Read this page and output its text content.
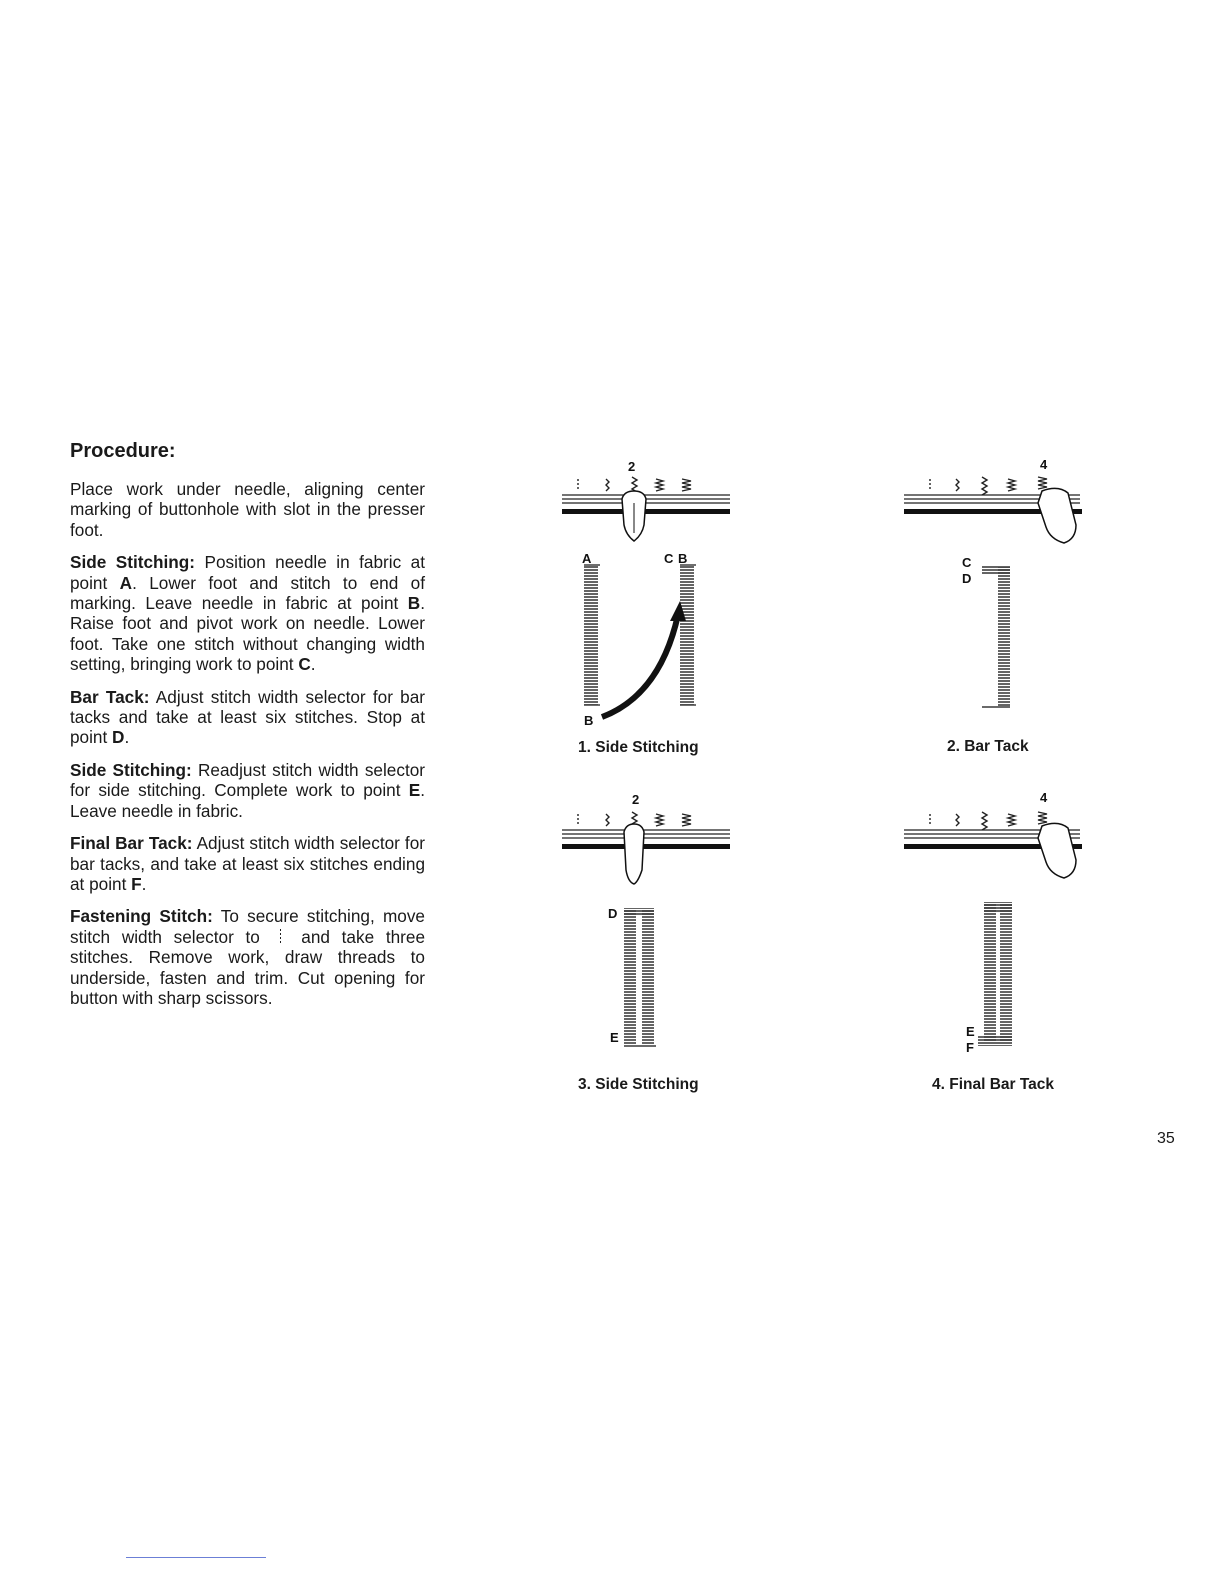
Procedure:

Place work under needle, aligning center marking of buttonhole with slot in the presser foot.

Side Stitching: Position needle in fabric at point A. Lower foot and stitch to end of marking. Leave needle in fabric at point B. Raise foot and pivot work on needle. Lower foot. Take one stitch without changing width setting, bringing work to point C.

Bar Tack: Adjust stitch width selector for bar tacks and take at least six stitches. Stop at point D.

Side Stitching: Readjust stitch width selector for side stitching. Complete work to point E. Leave needle in fabric.

Final Bar Tack: Adjust stitch width selector for bar tacks, and take at least six stitches ending at point F.

Fastening Stitch: To secure stitching, move stitch width selector to  and take three stitches. Remove work, draw threads to underside, fasten and trim. Cut opening for button with sharp scissors.

2
A	C B
B
1. Side Stitching
4
C
D
2. Bar Tack
2
D
E
3. Side Stitching
4
E
F
4. Final Bar Tack
35
